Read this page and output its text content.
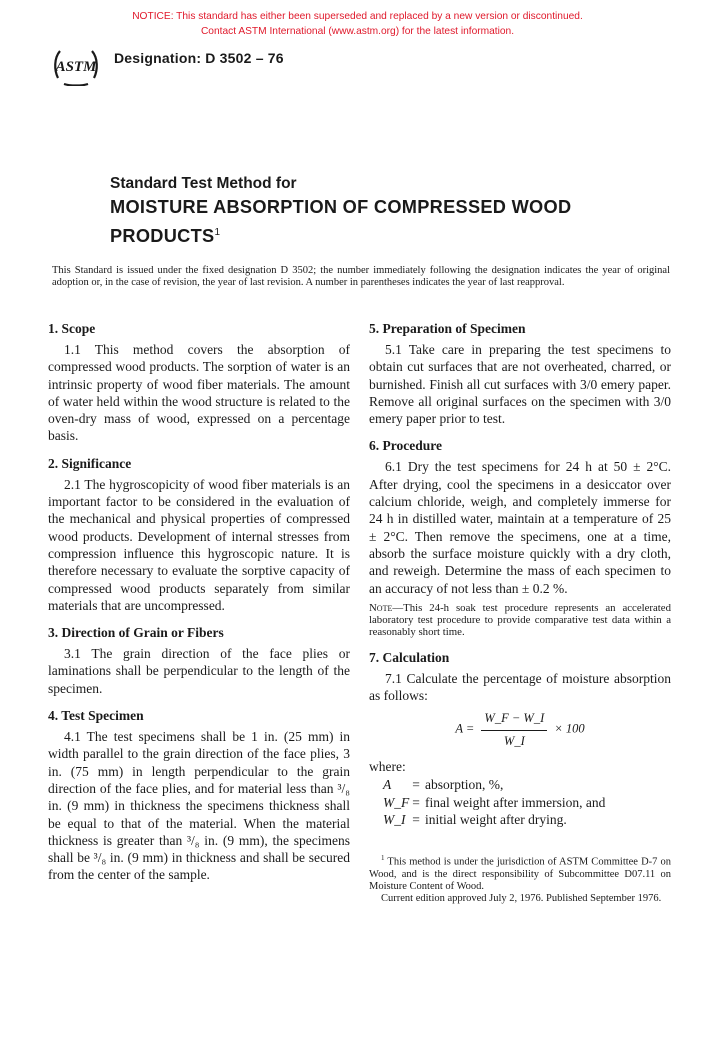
NOTICE: This standard has either been superseded and replaced by a new version or discontinued.
Contact ASTM International (www.astm.org) for the latest information.
ASTM
Designation: D 3502 – 76
Standard Test Method for
MOISTURE ABSORPTION OF COMPRESSED WOOD
PRODUCTS$^1$
This Standard is issued under the fixed designation D 3502; the number immediately following the designation indicates the year of original adoption or, in the case of revision, the year of last revision. A number in parentheses indicates the year of last reapproval.
1. Scope

1.1 This method covers the absorption of compressed wood products. The sorption of water is an intrinsic property of wood fiber materials. The amount of water held within the wood structure is related to the oven-dry mass of wood, expressed on a percentage basis.

2. Significance

2.1 The hygroscopicity of wood fiber materials is an important factor to be considered in the evaluation of the mechanical and physical properties of compressed wood products. Development of internal stresses from compression influence this hygroscopic nature. It is therefore necessary to evaluate the sorptive capacity of compressed wood products separately from similar materials that are uncompressed.

3. Direction of Grain or Fibers

3.1 The grain direction of the face plies or laminations shall be perpendicular to the length of the specimen.

4. Test Specimen

4.1 The test specimens shall be 1 in. (25 mm) in width parallel to the grain direction of the face plies, 3 in. (75 mm) in length perpendicular to the grain direction of the face plies, and for material less than ³/₈ in. (9 mm) in thickness the specimens thickness shall be equal to that of the material. When the material thickness is greater than ³/₈ in. (9 mm), the specimens shall be ³/₈ in. (9 mm) in thickness and shall be secured from the center of the sample.

5. Preparation of Specimen

5.1 Take care in preparing the test specimens to obtain cut surfaces that are not overheated, charred, or burnished. Finish all cut surfaces with 3/0 emery paper. Remove all original surfaces on the specimen with 3/0 emery paper prior to test.

6. Procedure

6.1 Dry the test specimens for 24 h at 50 ± 2°C. After drying, cool the specimens in a desiccator over calcium chloride, weigh, and completely immerse for 24 h in distilled water, maintain at a temperature of 25 ± 2°C. Then remove the specimens, one at a time, absorb the surface moisture quickly with a dry cloth, and reweigh. Determine the mass of each specimen to an accuracy of not less than ± 0.2 %.

Note—This 24-h soak test procedure represents an accelerated laboratory test procedure to provide comparative test data within a reasonably short time.
7. Calculation

7.1 Calculate the percentage of moisture absorption as follows:

$A = \frac{W\_F - W\_I}{W\_I} \times 100$
where:
A	= absorption, %,
W_F = final weight after immersion, and
W_I = initial weight after drying.

$^1$ This method is under the jurisdiction of ASTM Committee D-7 on Wood, and is the direct responsibility of Subcommittee D07.11 on Moisture Content of Wood.

Current edition approved July 2, 1976. Published September 1976.
